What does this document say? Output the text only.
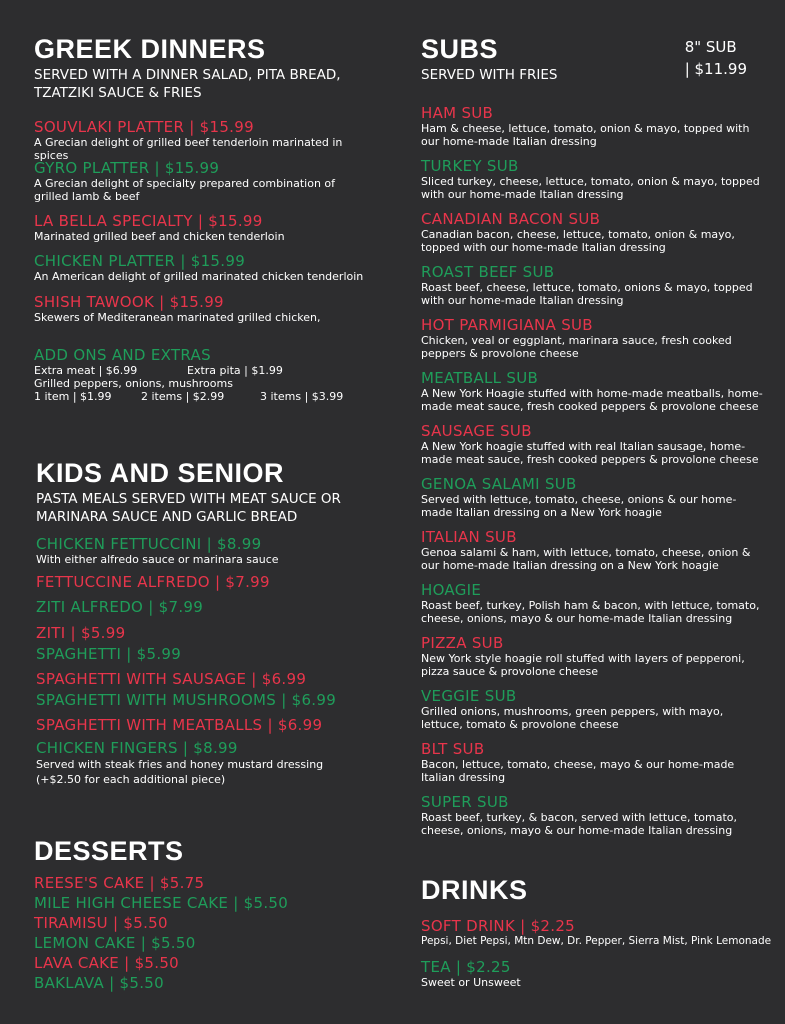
GREEK DINNERS
SERVED WITH A DINNER SALAD, PITA BREAD, TZATZIKI SAUCE & FRIES
SOUVLAKI PLATTER | $15.99
A Grecian delight of grilled beef tenderloin marinated in spices
GYRO PLATTER | $15.99
A Grecian delight of specialty prepared combination of grilled lamb & beef
LA BELLA SPECIALTY | $15.99
Marinated grilled beef and chicken tenderloin
CHICKEN PLATTER | $15.99
An American delight of grilled marinated chicken tenderloin
SHISH TAWOOK | $15.99
Skewers of Mediteranean marinated grilled chicken,
ADD ONS AND EXTRAS
Extra meat | $6.99	Extra pita | $1.99
Grilled peppers, onions, mushrooms
1 item | $1.99	2 items | $2.99	3 items | $3.99
KIDS AND SENIOR
PASTA MEALS SERVED WITH MEAT SAUCE OR MARINARA SAUCE AND GARLIC BREAD
CHICKEN FETTUCCINI | $8.99
With either alfredo sauce or marinara sauce
FETTUCCINE ALFREDO | $7.99
ZITI ALFREDO | $7.99
ZITI | $5.99
SPAGHETTI | $5.99
SPAGHETTI WITH SAUSAGE | $6.99
SPAGHETTI WITH MUSHROOMS | $6.99
SPAGHETTI WITH MEATBALLS | $6.99
CHICKEN FINGERS | $8.99
Served with steak fries and honey mustard dressing (+$2.50 for each additional piece)
DESSERTS
REESE'S CAKE | $5.75
MILE HIGH CHEESE CAKE | $5.50
TIRAMISU | $5.50
LEMON CAKE | $5.50
LAVA CAKE | $5.50
BAKLAVA | $5.50
SUBS
SERVED WITH FRIES
8" SUB
| $11.99
HAM SUB
Ham & cheese, lettuce, tomato, onion & mayo, topped with our home-made Italian dressing
TURKEY SUB
Sliced turkey, cheese, lettuce, tomato, onion & mayo, topped with our home-made Italian dressing
CANADIAN BACON SUB
Canadian bacon, cheese, lettuce, tomato, onion & mayo, topped with our home-made Italian dressing
ROAST BEEF SUB
Roast beef, cheese, lettuce, tomato, onions & mayo, topped with our home-made Italian dressing
HOT PARMIGIANA SUB
Chicken, veal or eggplant, marinara sauce, fresh cooked peppers & provolone cheese
MEATBALL SUB
A New York Hoagie stuffed with home-made meatballs, home-made meat sauce, fresh cooked peppers & provolone cheese
SAUSAGE SUB
A New York hoagie stuffed with real Italian sausage, home-made meat sauce, fresh cooked peppers & provolone cheese
GENOA SALAMI SUB
Served with lettuce, tomato, cheese, onions & our home-made Italian dressing on a New York hoagie
ITALIAN SUB
Genoa salami & ham, with lettuce, tomato, cheese, onion & our home-made Italian dressing on a New York hoagie
HOAGIE
Roast beef, turkey, Polish ham & bacon, with lettuce, tomato, cheese, onions, mayo & our home-made Italian dressing
PIZZA SUB
New York style hoagie roll stuffed with layers of pepperoni, pizza sauce & provolone cheese
VEGGIE SUB
Grilled onions, mushrooms, green peppers, with mayo, lettuce, tomato & provolone cheese
BLT SUB
Bacon, lettuce, tomato, cheese, mayo & our home-made Italian dressing
SUPER SUB
Roast beef, turkey, & bacon, served with lettuce, tomato, cheese, onions, mayo & our home-made Italian dressing
DRINKS
SOFT DRINK | $2.25
Pepsi, Diet Pepsi, Mtn Dew, Dr. Pepper, Sierra Mist, Pink Lemonade
TEA | $2.25
Sweet or Unsweet
